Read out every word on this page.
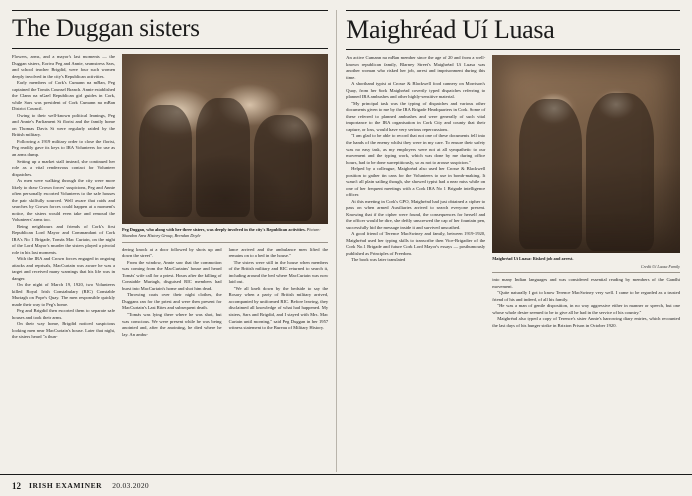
The Duggan sisters

Flowers, arms, and a mayor's last moments — the Duggan sisters, Eoriva Peg and Annie, seamstress Sars, and school teacher Brigdid, were four such women deeply involved in the city's Republican activities.

Early members of Cork's Cumann na mBan, Peg captained the Tomás Counsel Branch. Annie established the Clann na nGael Republican girl guides in Cork, while Sars was president of Cork Cumann na mBan District Council.

Owing to their well-known political leanings, Peg and Annie's Parliament St florist and the family home on Thomas Davis St were regularly raided by the British military.

Following a 1919 military order to close the florist, Peg readily gave its keys to IRA Volunteers for use as an arms dump.

Setting up a market stall instead, she continued her role as a vital rendezvous contact for Volunteer dispatches.

As men were walking through the city were more likely to draw Crown forces' suspicions, Peg and Annie often personally escorted Volunteers to the safe houses the pair skilfully sourced. Well aware that raids and searches by Crown forces could happen at a moment's notice, the sisters would even take and remoud the Volunteers' arms too.

Being neighbours and friends of Cork's first Republican Lord Mayor and Commandant of Cork IRA's No 1 Brigade, Tomás Mac Curtain, on the night of the Lord Mayor's murder the sisters played a pivotal role in his last moments.

With the IRA and Crown forces engaged in ongoing attacks and reprisals, MacCurtain was aware he was a target and received many warnings that his life was in danger.

On the night of March 19, 1920, two Volunteers killed Royal Irish Constabulary (RIC) Constable Murtagh on Pope's Quay. The men responsible quickly made their way to Peg's home.

Peg and Brigdid then escorted them to separate safe houses and took their arms.

On their way home, Brigdid noticed suspicious looking men near MacCurtain's house. Later that night, the sisters heard "a thun-

Peg Duggan, who along with her three sisters, was deeply involved in the city's Republican activities. Picture: Shandon Area History Group, Brendan Doyle

dering knock at a door followed by shots up and down the street".

From the window, Annie saw that the commotion was coming from the MacCurtains' house and heard Tomás' wife call for a priest. Hours after the killing of Constable Murtagh, disguised RIC members had burst into MacCurtain's home and shot him dead.

Throwing coats over their night clothes, the Duggans ran for the priest and were then present for MacCurtain's Last Rites and subsequent death.

"Tomás was lying there where he was shot, but was conscious. We were present while he was being anointed and, after the anointing, he died where he lay. An ambu-

lance arrived and the ambulance men lifted the remains on to a bed in the house."

The sisters were still in the house when members of the British military and RIC returned to search it, including around the bed where MacCurtain was now laid out.

"We all knelt down by the bedside to say the Rosary when a party of British military arrived, accompanied by uniformed RIC. Before leaving, they disclaimed all knowledge of what had happened. My sisters, Sars and Brigdid, and I stayed with Mrs. Mac Curtain until morning," said Peg Duggan in her 1957 witness statement to the Bureau of Military History.

Maighréad Uí Luasa

An active Cumann na mBan member since the age of 20 and from a well-known republican family, Blarney Street's Maighréad Uí Luasa was another woman who risked her job, arrest and imprisonment during this time.

A shorthand typist at Crosse & Blackwell food cannery on Morrison's Quay, from her 6ork Maighréad covertly typed dispatches referring to planned IRA ambushes and other highly-sensitive material.

"My principal task was the typing of dispatches and various other documents given to me by the IRA Brigade Headquarters in Cork. Some of these referred to planned ambushes and were generally of such vital importance to the IRA organisation in Cork City and county that their capture, or loss, would have very serious repercussions.

"I am glad to be able to record that not one of these documents fell into the hands of the enemy whilst they were in my care. To ensure their safety was no easy task, as my employers were not at all sympathetic to our movement and the typing work, which was done by me during office hours, had to be done surreptitiously, so as not to arouse suspicion."

Helped by a colleague, Maighréad also used her Crosse & Blackwell position to gather tin cans for the Volunteers to use in bomb-making. It wasn't all plain sailing though, she showed typist had a near miss while on one of her frequent meetings with a Cork IRA No 1 Brigade intelligence officer.

At this meeting in Cork's GPO, Maighréad had just obtained a cipher to pass on when armed Auxiliaries arrived to search everyone present. Knowing that if the cipher were found, the consequences for herself and the officer would be dire, she deftly unscrewed the cap of her fountain pen, successfully hid the message inside it and survived unscathed.

A good friend of Terence MacSwiney and family, between 1919-1920, Maighréad used her typing skills to transcribe then Vice-Brigadier of the Cork No.1 Brigade and future Cork Lord Mayor's essays — posthumously published as Principles of Freedom.

The book was later translated	Maighréad Uí Luasa: Risked job and arrest.
Credit Uí Luasa Family

into many Indian languages and was considered essential reading by members of the Gandhi movement.

"Quite naturally I got to know Terence MacSwiney very well. I came to be regarded as a trusted friend of his and indeed, of all his family.

"He was a man of gentle disposition, in no way aggressive either in manner or speech, but one whose whole desire seemed to be to give all he had in the service of his country."

Maighréad also typed a copy of Terence's sister Annie's harrowing diary entries, which recounted the last days of his hunger strike in Brixton Prison in October 1920.

12 IRISH EXAMINER 20.03.2020
